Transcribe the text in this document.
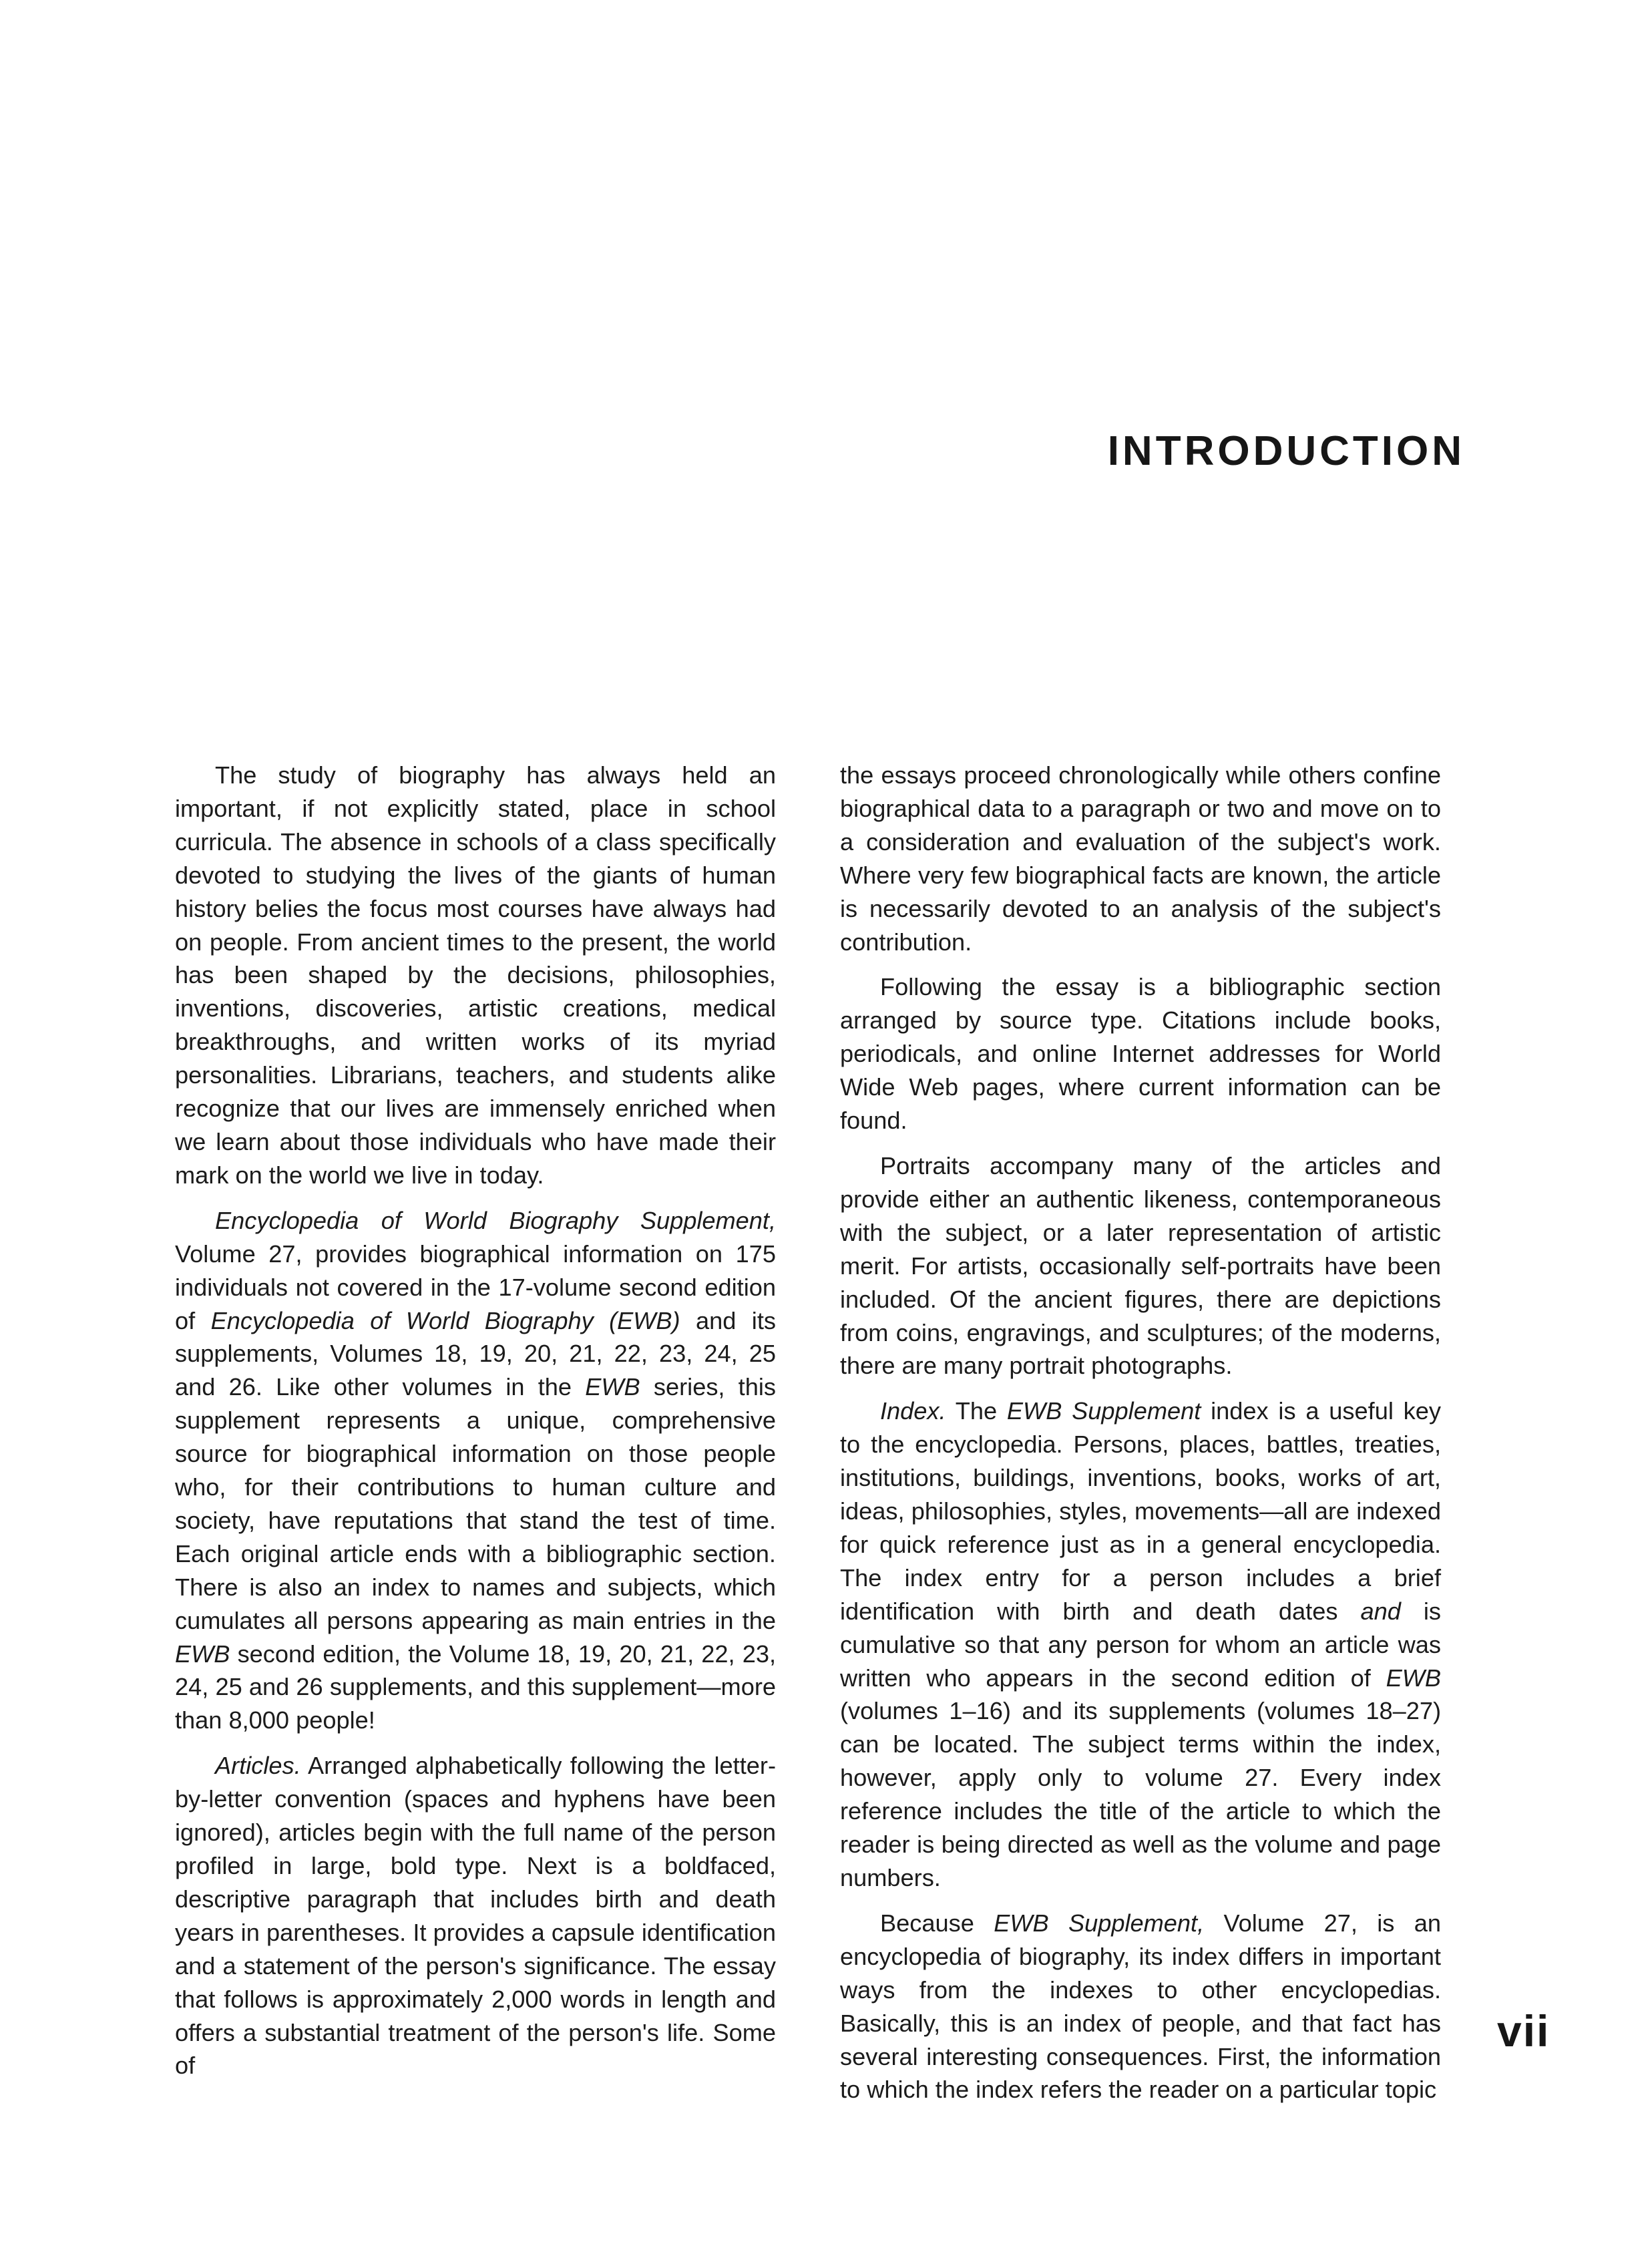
INTRODUCTION

The study of biography has always held an important, if not explicitly stated, place in school curricula. The absence in schools of a class specifically devoted to studying the lives of the giants of human history belies the focus most courses have always had on people. From ancient times to the present, the world has been shaped by the decisions, philosophies, inventions, discoveries, artistic creations, medical breakthroughs, and written works of its myriad personalities. Librarians, teachers, and students alike recognize that our lives are immensely enriched when we learn about those individuals who have made their mark on the world we live in today.

Encyclopedia of World Biography Supplement, Volume 27, provides biographical information on 175 individuals not covered in the 17-volume second edition of Encyclopedia of World Biography (EWB) and its supplements, Volumes 18, 19, 20, 21, 22, 23, 24, 25 and 26. Like other volumes in the EWB series, this supplement represents a unique, comprehensive source for biographical information on those people who, for their contributions to human culture and society, have reputations that stand the test of time. Each original article ends with a bibliographic section. There is also an index to names and subjects, which cumulates all persons appearing as main entries in the EWB second edition, the Volume 18, 19, 20, 21, 22, 23, 24, 25 and 26 supplements, and this supplement—more than 8,000 people!

Articles. Arranged alphabetically following the letter-by-letter convention (spaces and hyphens have been ignored), articles begin with the full name of the person profiled in large, bold type. Next is a boldfaced, descriptive paragraph that includes birth and death years in parentheses. It provides a capsule identification and a statement of the person's significance. The essay that follows is approximately 2,000 words in length and offers a substantial treatment of the person's life. Some of

the essays proceed chronologically while others confine biographical data to a paragraph or two and move on to a consideration and evaluation of the subject's work. Where very few biographical facts are known, the article is necessarily devoted to an analysis of the subject's contribution.

Following the essay is a bibliographic section arranged by source type. Citations include books, periodicals, and online Internet addresses for World Wide Web pages, where current information can be found.

Portraits accompany many of the articles and provide either an authentic likeness, contemporaneous with the subject, or a later representation of artistic merit. For artists, occasionally self-portraits have been included. Of the ancient figures, there are depictions from coins, engravings, and sculptures; of the moderns, there are many portrait photographs.

Index. The EWB Supplement index is a useful key to the encyclopedia. Persons, places, battles, treaties, institutions, buildings, inventions, books, works of art, ideas, philosophies, styles, movements—all are indexed for quick reference just as in a general encyclopedia. The index entry for a person includes a brief identification with birth and death dates and is cumulative so that any person for whom an article was written who appears in the second edition of EWB (volumes 1–16) and its supplements (volumes 18–27) can be located. The subject terms within the index, however, apply only to volume 27. Every index reference includes the title of the article to which the reader is being directed as well as the volume and page numbers.

Because EWB Supplement, Volume 27, is an encyclopedia of biography, its index differs in important ways from the indexes to other encyclopedias. Basically, this is an index of people, and that fact has several interesting consequences. First, the information to which the index refers the reader on a particular topic

vii
